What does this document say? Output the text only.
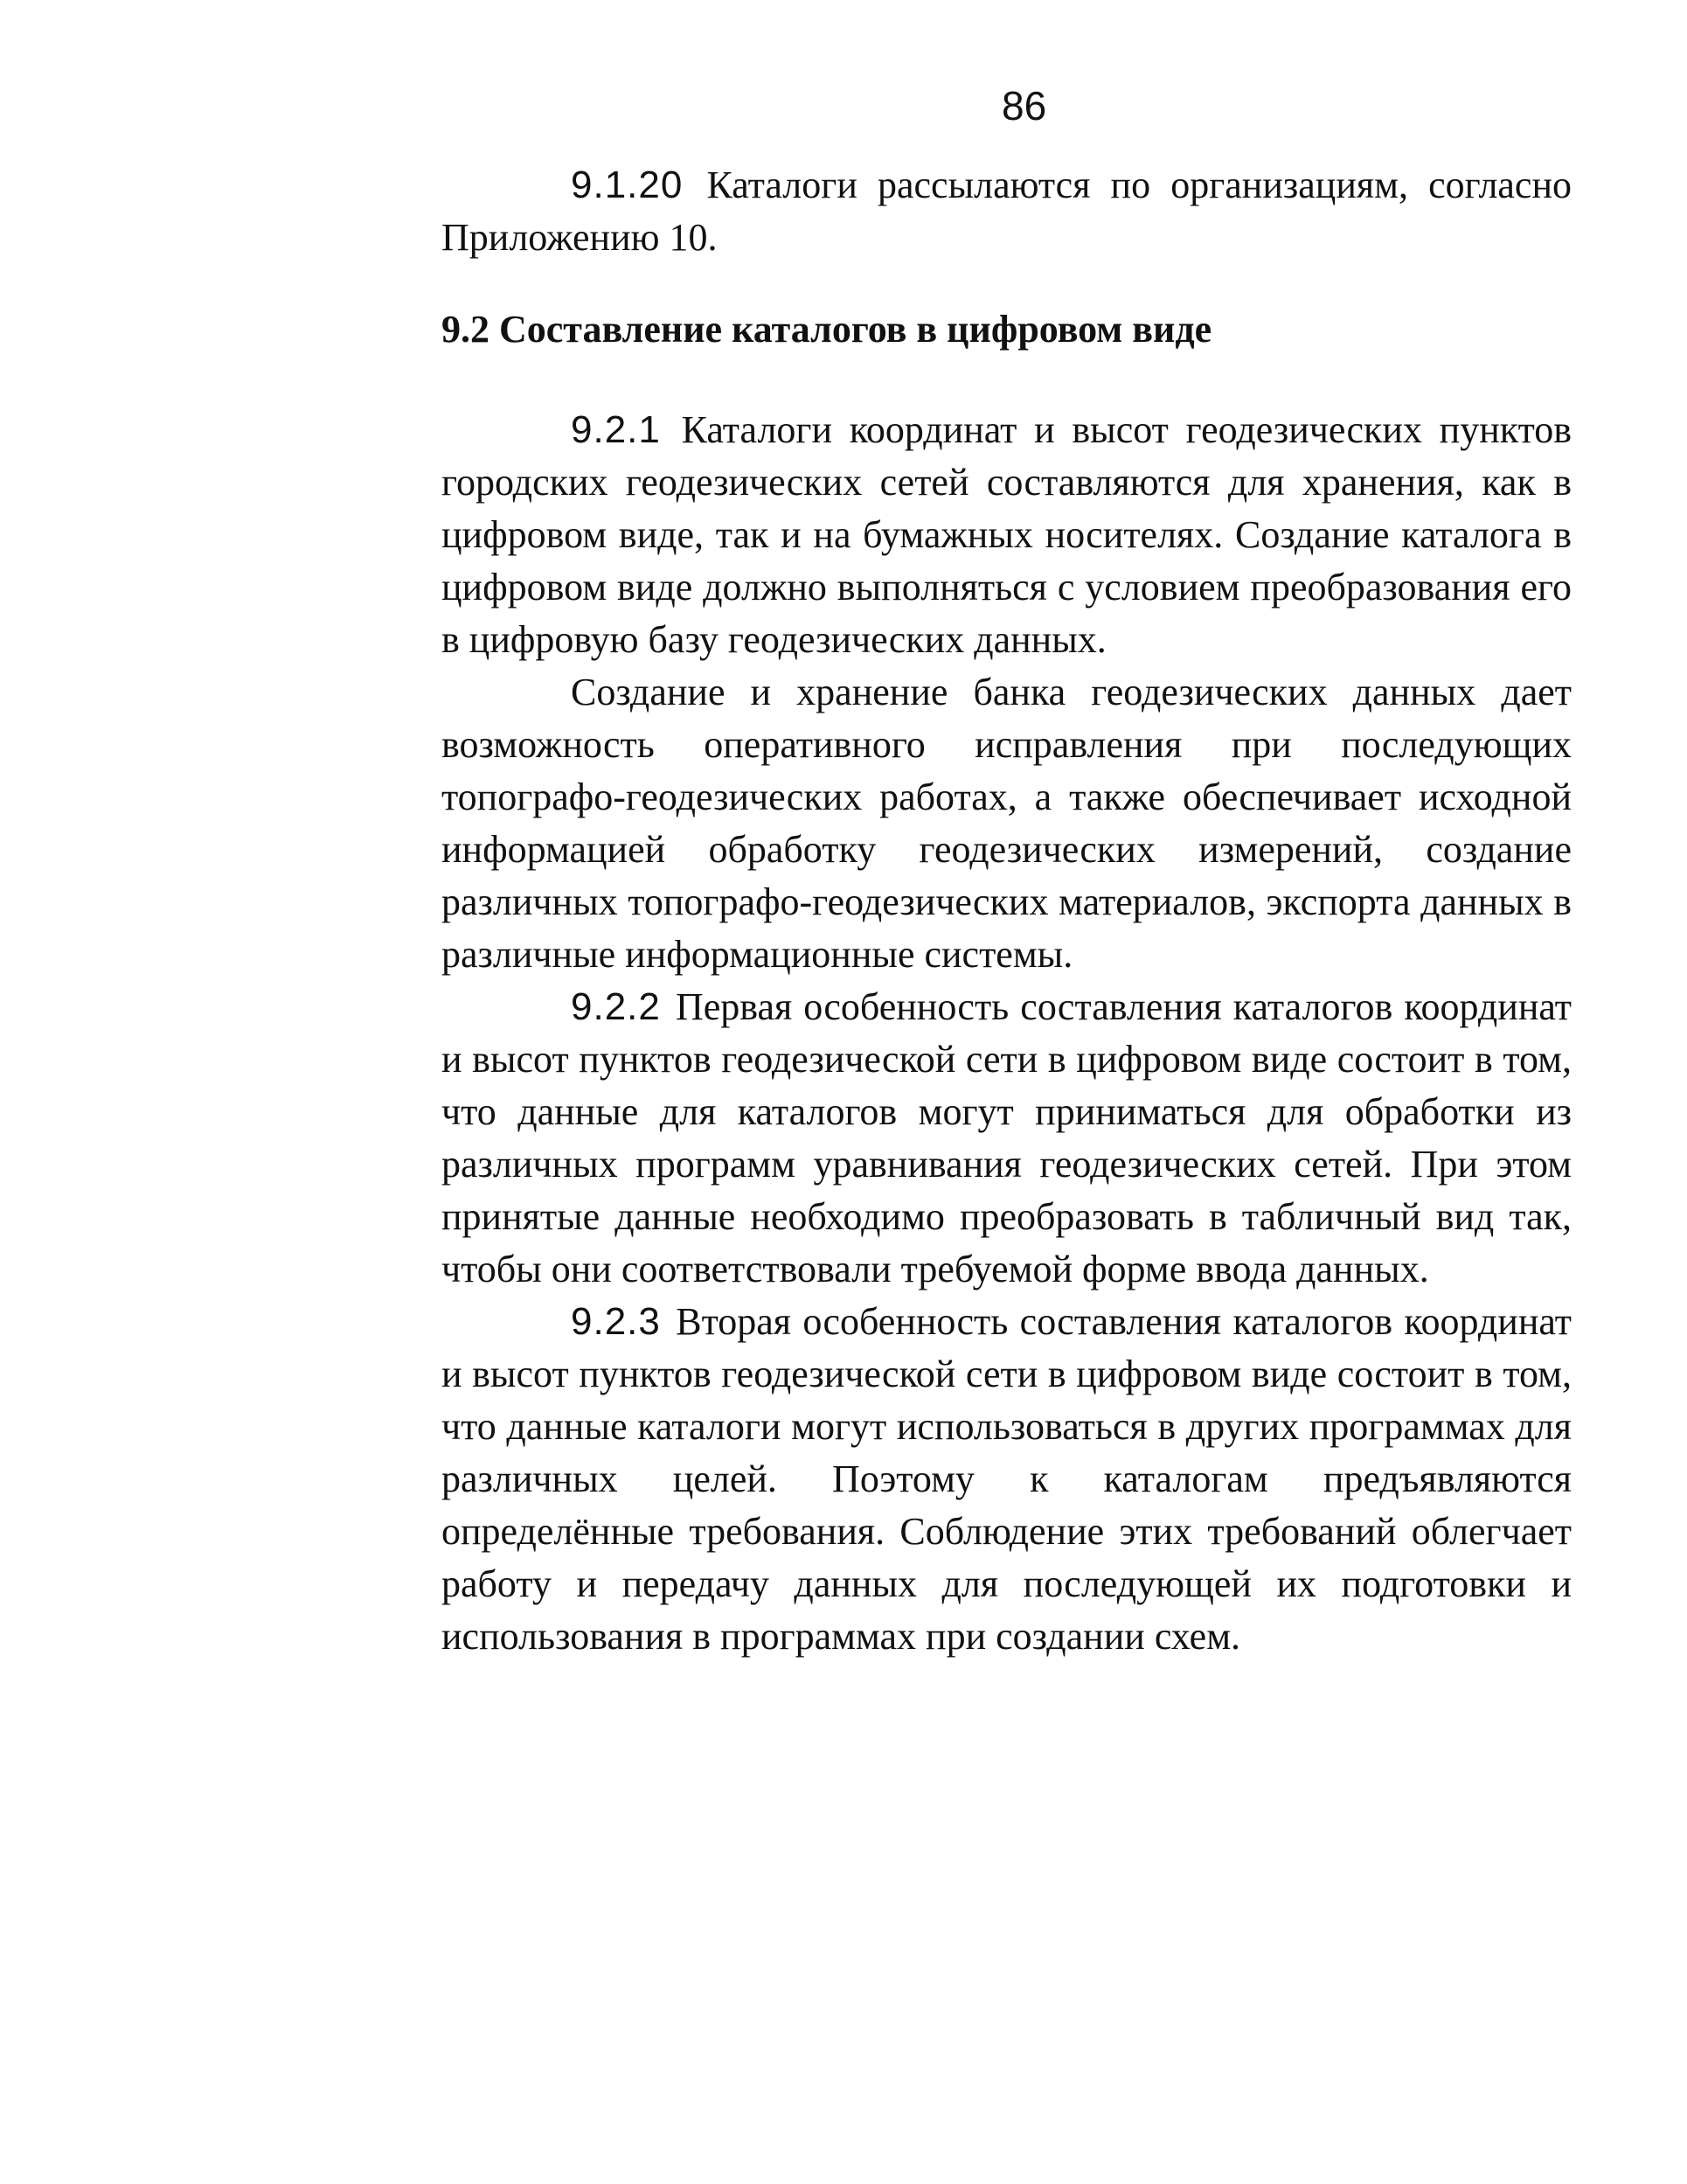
86

9.1.20 Каталоги рассылаются по организациям, согласно Приложению 10.

9.2 Составление каталогов в цифровом виде

9.2.1 Каталоги координат и высот геодезических пунктов городских геодезических сетей составляются для хранения, как в цифровом виде, так и на бумажных носителях. Создание каталога в цифровом виде должно выполняться с условием преобразования его в цифровую базу геодезических данных.

Создание и хранение банка геодезических данных дает возможность оперативного исправления при последующих топографо-геодезических работах, а также обеспечивает исходной информацией обработку геодезических измерений, создание различных топографо-геодезических материалов, экспорта данных в различные информационные системы.

9.2.2 Первая особенность составления каталогов координат и высот пунктов геодезической сети в цифровом виде состоит в том, что данные для каталогов могут приниматься для обработки из различных программ уравнивания геодезических сетей. При этом принятые данные необходимо преобразовать в табличный вид так, чтобы они соответствовали требуемой форме ввода данных.

9.2.3 Вторая особенность составления каталогов координат и высот пунктов геодезической сети в цифровом виде состоит в том, что данные каталоги могут использоваться в других программах для различных целей. Поэтому к каталогам предъявляются определённые требования. Соблюдение этих требований облегчает работу и передачу данных для последующей их подготовки и использования в программах при создании схем.
